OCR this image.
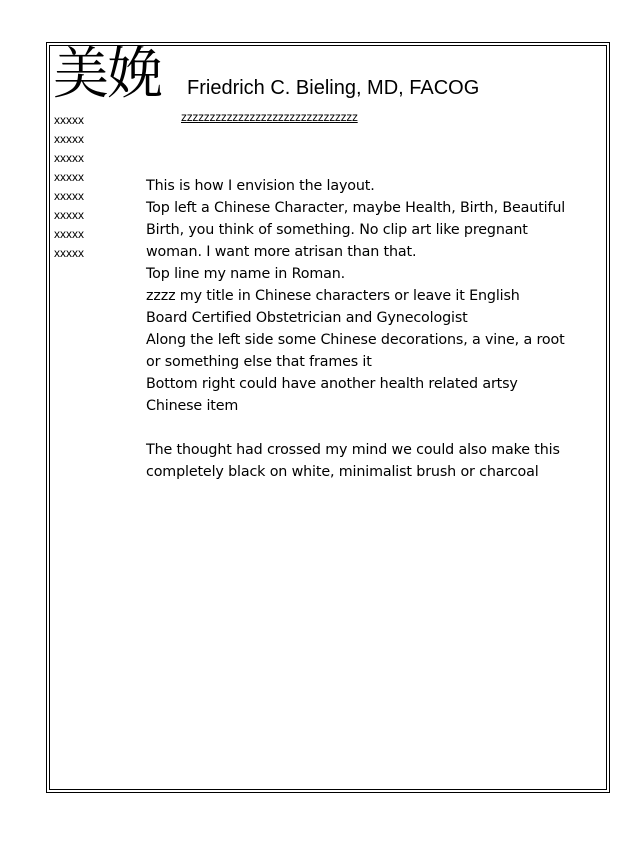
美娩 Friedrich C. Bieling, MD, FACOG
zzzzzzzzzzzzzzzzzzzzzzzzzzzzzzz
xxxxx
xxxxx
xxxxx
xxxxx
xxxxx
xxxxx
xxxxx
xxxxx
This is how I envision the layout.
Top left a Chinese Character, maybe Health, Birth, Beautiful
Birth, you think of something. No clip art like pregnant
woman. I want more atrisan than that.
Top line my name in Roman.
zzzz my title in Chinese characters or leave it English
Board Certified Obstetrician and Gynecologist
Along the left side some Chinese decorations, a vine, a root
or something else that frames it
Bottom right could have another health related artsy
Chinese item
The thought had crossed my mind we could also make this
completely black on white, minimalist brush or charcoal
